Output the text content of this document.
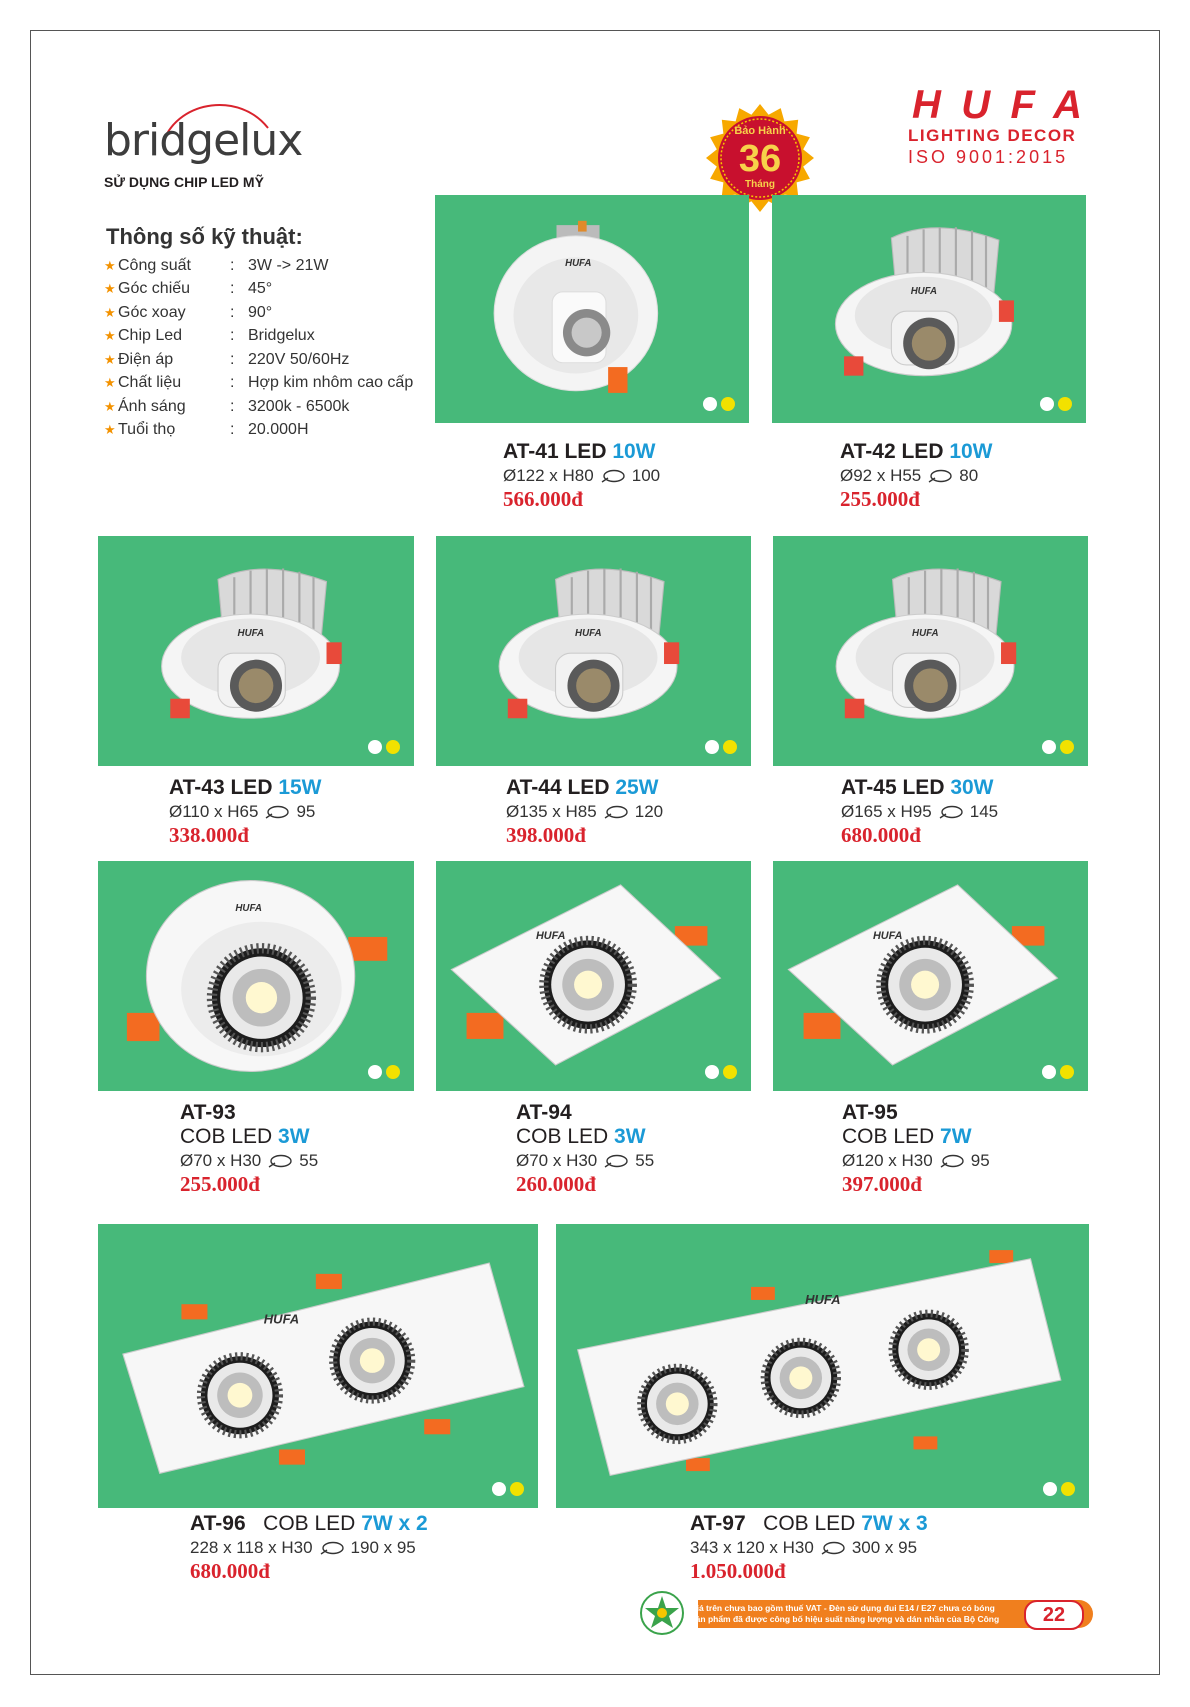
bridgelux
SỬ DỤNG CHIP LED MỸ
Thông số kỹ thuật:
★ Công suất	: 3W -> 21W
★ Góc chiếu	: 45°
★ Góc xoay	: 90°
★ Chip Led	: Bridgelux
★ Điện áp	: 220V 50/60Hz
★ Chất liệu	: Hợp kim nhôm cao cấp
★ Ánh sáng	: 3200k - 6500k
★ Tuổi thọ	: 20.000H
Bảo Hành
36
Tháng
HUFA
LIGHTING DECOR
ISO 9001:2015
HUFA
AT-41 LED 10W
Ø122 x H80 100
566.000đ
HUFA
AT-42 LED 10W
Ø92 x H55 80
255.000đ
HUFA
AT-43 LED 15W
Ø110 x H65 95
338.000đ
HUFA
AT-44 LED 25W
Ø135 x H85 120
398.000đ
HUFA
AT-45 LED 30W
Ø165 x H95 145
680.000đ
HUFA
AT-93
COB LED 3W
Ø70 x H30 55
255.000đ
HUFA
AT-94
COB LED 3W
Ø70 x H30 55
260.000đ
HUFA
AT-95
COB LED 7W
Ø120 x H30 95
397.000đ
HUFA
AT-96 COB LED 7W x 2
228 x 118 x H30 190 x 95
680.000đ
HUFA
AT-97 COB LED 7W x 3
343 x 120 x H30 300 x 95
1.050.000đ
Giá trên chưa bao gồm thuế VAT - Đèn sử dụng đui E14 / E27 chưa có bóng
Sản phẩm đã được công bố hiệu suất năng lượng và dán nhãn của Bộ Công Thương
22
